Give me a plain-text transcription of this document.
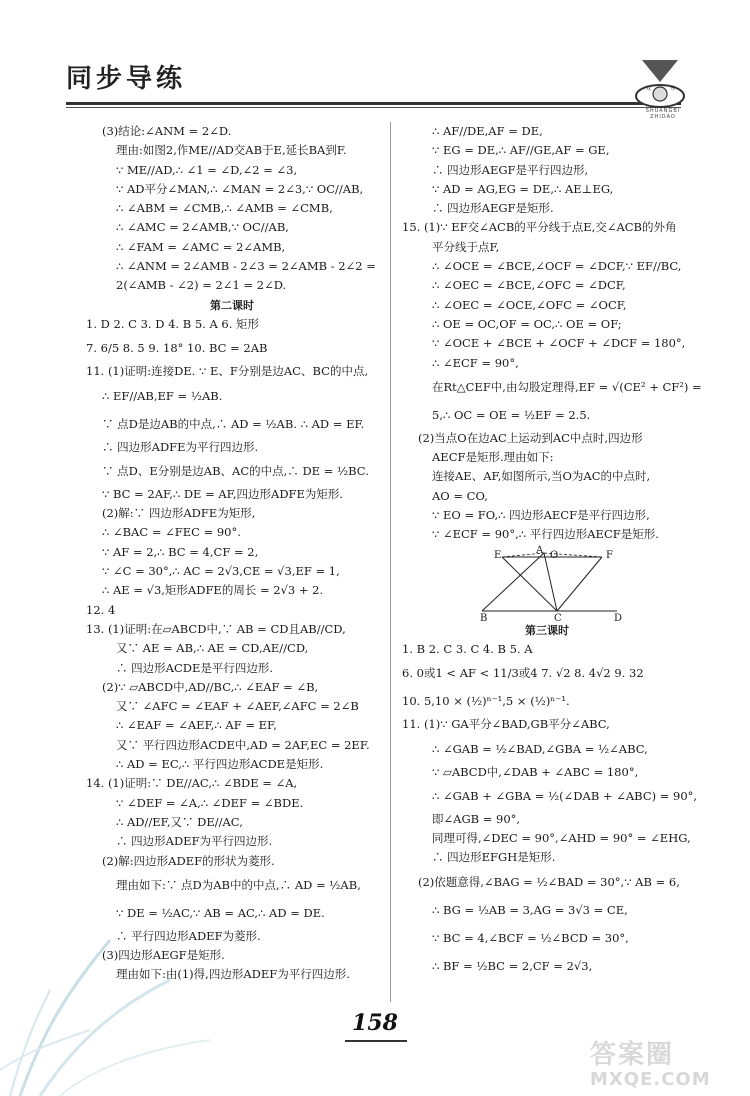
同步导练	双	导
SHUANGBI ZHIDAO
(3)结论:∠ANM = 2∠D.
理由:如图2,作ME//AD交AB于E,延长BA到F.
∵ ME//AD,∴ ∠1 = ∠D,∠2 = ∠3,
∵ AD平分∠MAN,∴ ∠MAN = 2∠3,∵ OC//AB,
∴ ∠ABM = ∠CMB,∴ ∠AMB = ∠CMB,
∴ ∠AMC = 2∠AMB,∵ OC//AB,
∴ ∠FAM = ∠AMC = 2∠AMB,
∴ ∠ANM = 2∠AMB - 2∠3 = 2∠AMB - 2∠2 =
2(∠AMB - ∠2) = 2∠1 = 2∠D.
第二课时
1. D 2. C 3. D 4. B 5. A 6. 矩形
7. 6/5 8. 5 9. 18° 10. BC = 2AB
11. (1)证明:连接DE. ∵ E、F分别是边AC、BC的中点,
∴ EF//AB,EF = ½AB.
∵ 点D是边AB的中点,∴ AD = ½AB. ∴ AD = EF.
∴ 四边形ADFE为平行四边形.
∵ 点D、E分别是边AB、AC的中点,∴ DE = ½BC.
∵ BC = 2AF,∴ DE = AF,四边形ADFE为矩形.
(2)解:∵ 四边形ADFE为矩形,
∴ ∠BAC = ∠FEC = 90°.
∵ AF = 2,∴ BC = 4,CF = 2,
∵ ∠C = 30°,∴ AC = 2√3,CE = √3,EF = 1,
∴ AE = √3,矩形ADFE的周长 = 2√3 + 2.
12. 4
13. (1)证明:在▱ABCD中,∵ AB = CD且AB//CD,
又∵ AE = AB,∴ AE = CD,AE//CD,
∴ 四边形ACDE是平行四边形.
(2)∵ ▱ABCD中,AD//BC,∴ ∠EAF = ∠B,
又∵ ∠AFC = ∠EAF + ∠AEF,∠AFC = 2∠B
∴ ∠EAF = ∠AEF,∴ AF = EF,
又∵ 平行四边形ACDE中,AD = 2AF,EC = 2EF.
∴ AD = EC,∴ 平行四边形ACDE是矩形.
14. (1)证明:∵ DE//AC,∴ ∠BDE = ∠A,
∵ ∠DEF = ∠A,∴ ∠DEF = ∠BDE.
∴ AD//EF,又∵ DE//AC,
∴ 四边形ADEF为平行四边形.
(2)解:四边形ADEF的形状为菱形.
理由如下:∵ 点D为AB中的中点,∴ AD = ½AB,
∵ DE = ½AC,∵ AB = AC,∴ AD = DE.
∴ 平行四边形ADEF为菱形.
(3)四边形AEGF是矩形.
理由如下:由(1)得,四边形ADEF为平行四边形.
∴ AF//DE,AF = DE,
∵ EG = DE,∴ AF//GE,AF = GE,
∴ 四边形AEGF是平行四边形,
∵ AD = AG,EG = DE,∴ AE⊥EG,
∴ 四边形AEGF是矩形.
15. (1)∵ EF交∠ACB的平分线于点E,交∠ACB的外角
平分线于点F,
∴ ∠OCE = ∠BCE,∠OCF = ∠DCF,∵ EF//BC,
∴ ∠OEC = ∠BCE,∠OFC = ∠DCF,
∴ ∠OEC = ∠OCE,∠OFC = ∠OCF,
∴ OE = OC,OF = OC,∴ OE = OF;
∵ ∠OCE + ∠BCE + ∠OCF + ∠DCF = 180°,
∴ ∠ECF = 90°,
在Rt△CEF中,由勾股定理得,EF = √(CE² + CF²) =
5,∴ OC = OE = ½EF = 2.5.
(2)当点O在边AC上运动到AC中点时,四边形
AECF是矩形.理由如下:
连接AE、AF,如图所示,当O为AC的中点时,
AO = CO,
∵ EO = FO,∴ 四边形AECF是平行四边形,
∵ ∠ECF = 90°,∴ 平行四边形AECF是矩形.
E	A O	F
B	C	D
第三课时
1. B 2. C 3. C 4. B 5. A
6. 0或1 < AF < 11/3或4 7. √2 8. 4√2 9. 32
10. 5,10 × (½)ⁿ⁻¹,5 × (½)ⁿ⁻¹.
11. (1)∵ GA平分∠BAD,GB平分∠ABC,
∴ ∠GAB = ½∠BAD,∠GBA = ½∠ABC,
∵ ▱ABCD中,∠DAB + ∠ABC = 180°,
∴ ∠GAB + ∠GBA = ½(∠DAB + ∠ABC) = 90°,
即∠AGB = 90°,
同理可得,∠DEC = 90°,∠AHD = 90° = ∠EHG,
∴ 四边形EFGH是矩形.
(2)依题意得,∠BAG = ½∠BAD = 30°,∵ AB = 6,
∴ BG = ½AB = 3,AG = 3√3 = CE,
∵ BC = 4,∠BCF = ½∠BCD = 30°,
∴ BF = ½BC = 2,CF = 2√3,
158
答案圈
MXQE.COM
